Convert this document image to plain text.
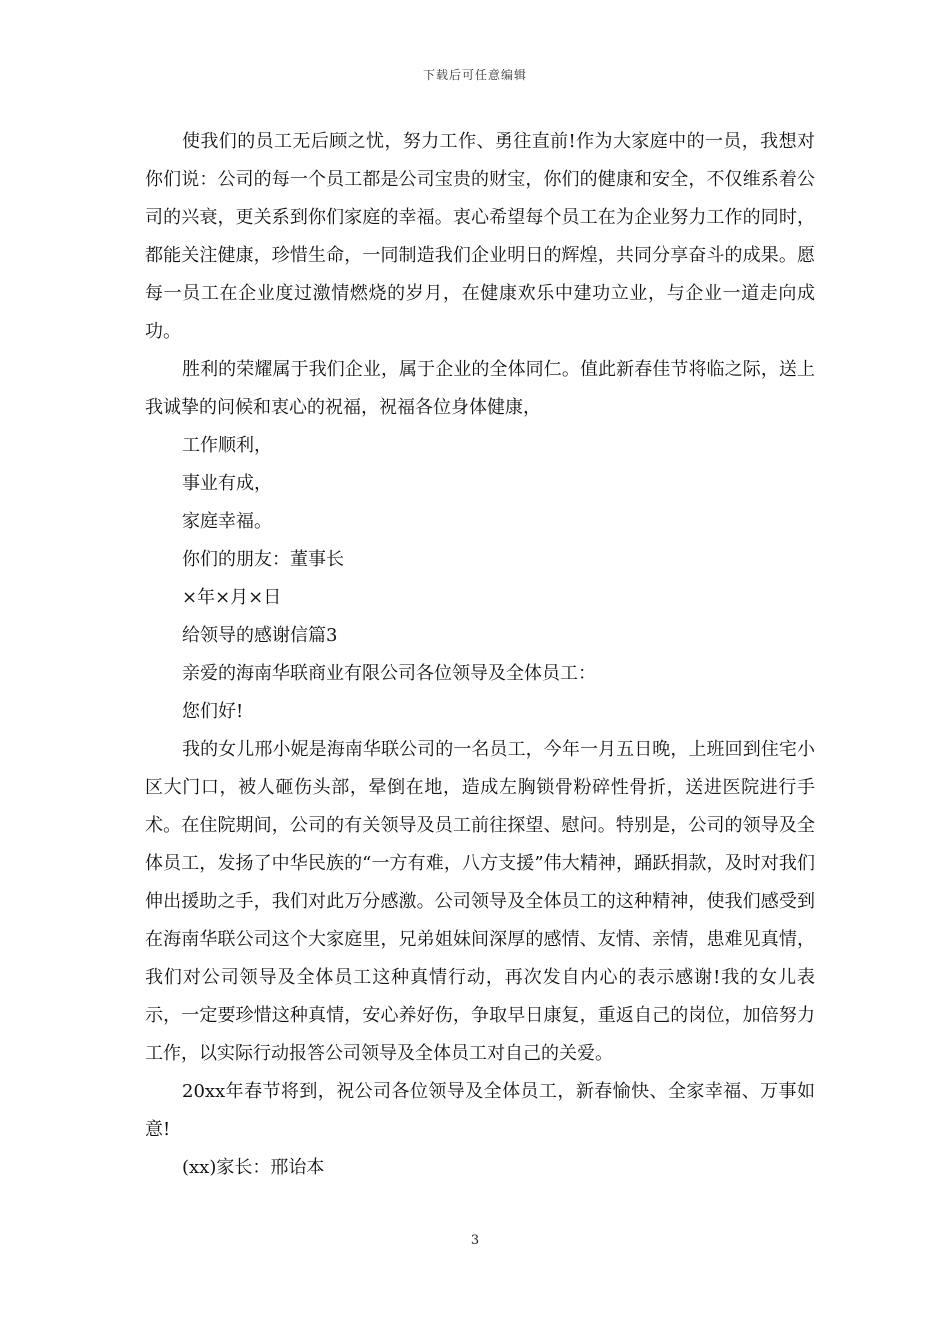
下载后可任意编辑

使我们的员工无后顾之忧，努力工作、勇往直前!作为大家庭中的一员，我想对你们说：公司的每一个员工都是公司宝贵的财宝，你们的健康和安全，不仅维系着公司的兴衰，更关系到你们家庭的幸福。衷心希望每个员工在为企业努力工作的同时，都能关注健康，珍惜生命，一同制造我们企业明日的辉煌，共同分享奋斗的成果。愿每一员工在企业度过激情燃烧的岁月，在健康欢乐中建功立业，与企业一道走向成功。

胜利的荣耀属于我们企业，属于企业的全体同仁。值此新春佳节将临之际，送上我诚挚的问候和衷心的祝福，祝福各位身体健康，

工作顺利，

事业有成，

家庭幸福。

你们的朋友：董事长

×年×月×日

给领导的感谢信篇3

亲爱的海南华联商业有限公司各位领导及全体员工：

您们好!

我的女儿邢小妮是海南华联公司的一名员工，今年一月五日晚，上班回到住宅小区大门口，被人砸伤头部，晕倒在地，造成左胸锁骨粉碎性骨折，送进医院进行手术。在住院期间，公司的有关领导及员工前往探望、慰问。特别是，公司的领导及全体员工，发扬了中华民族的“一方有难，八方支援”伟大精神，踊跃捐款，及时对我们伸出援助之手，我们对此万分感激。公司领导及全体员工的这种精神，使我们感受到在海南华联公司这个大家庭里，兄弟姐妹间深厚的感情、友情、亲情，患难见真情，我们对公司领导及全体员工这种真情行动，再次发自内心的表示感谢!我的女儿表示，一定要珍惜这种真情，安心养好伤，争取早日康复，重返自己的岗位，加倍努力工作，以实际行动报答公司领导及全体员工对自己的关爱。

20xx年春节将到，祝公司各位领导及全体员工，新春愉快、全家幸福、万事如意!

(xx)家长：邢诒本

3
